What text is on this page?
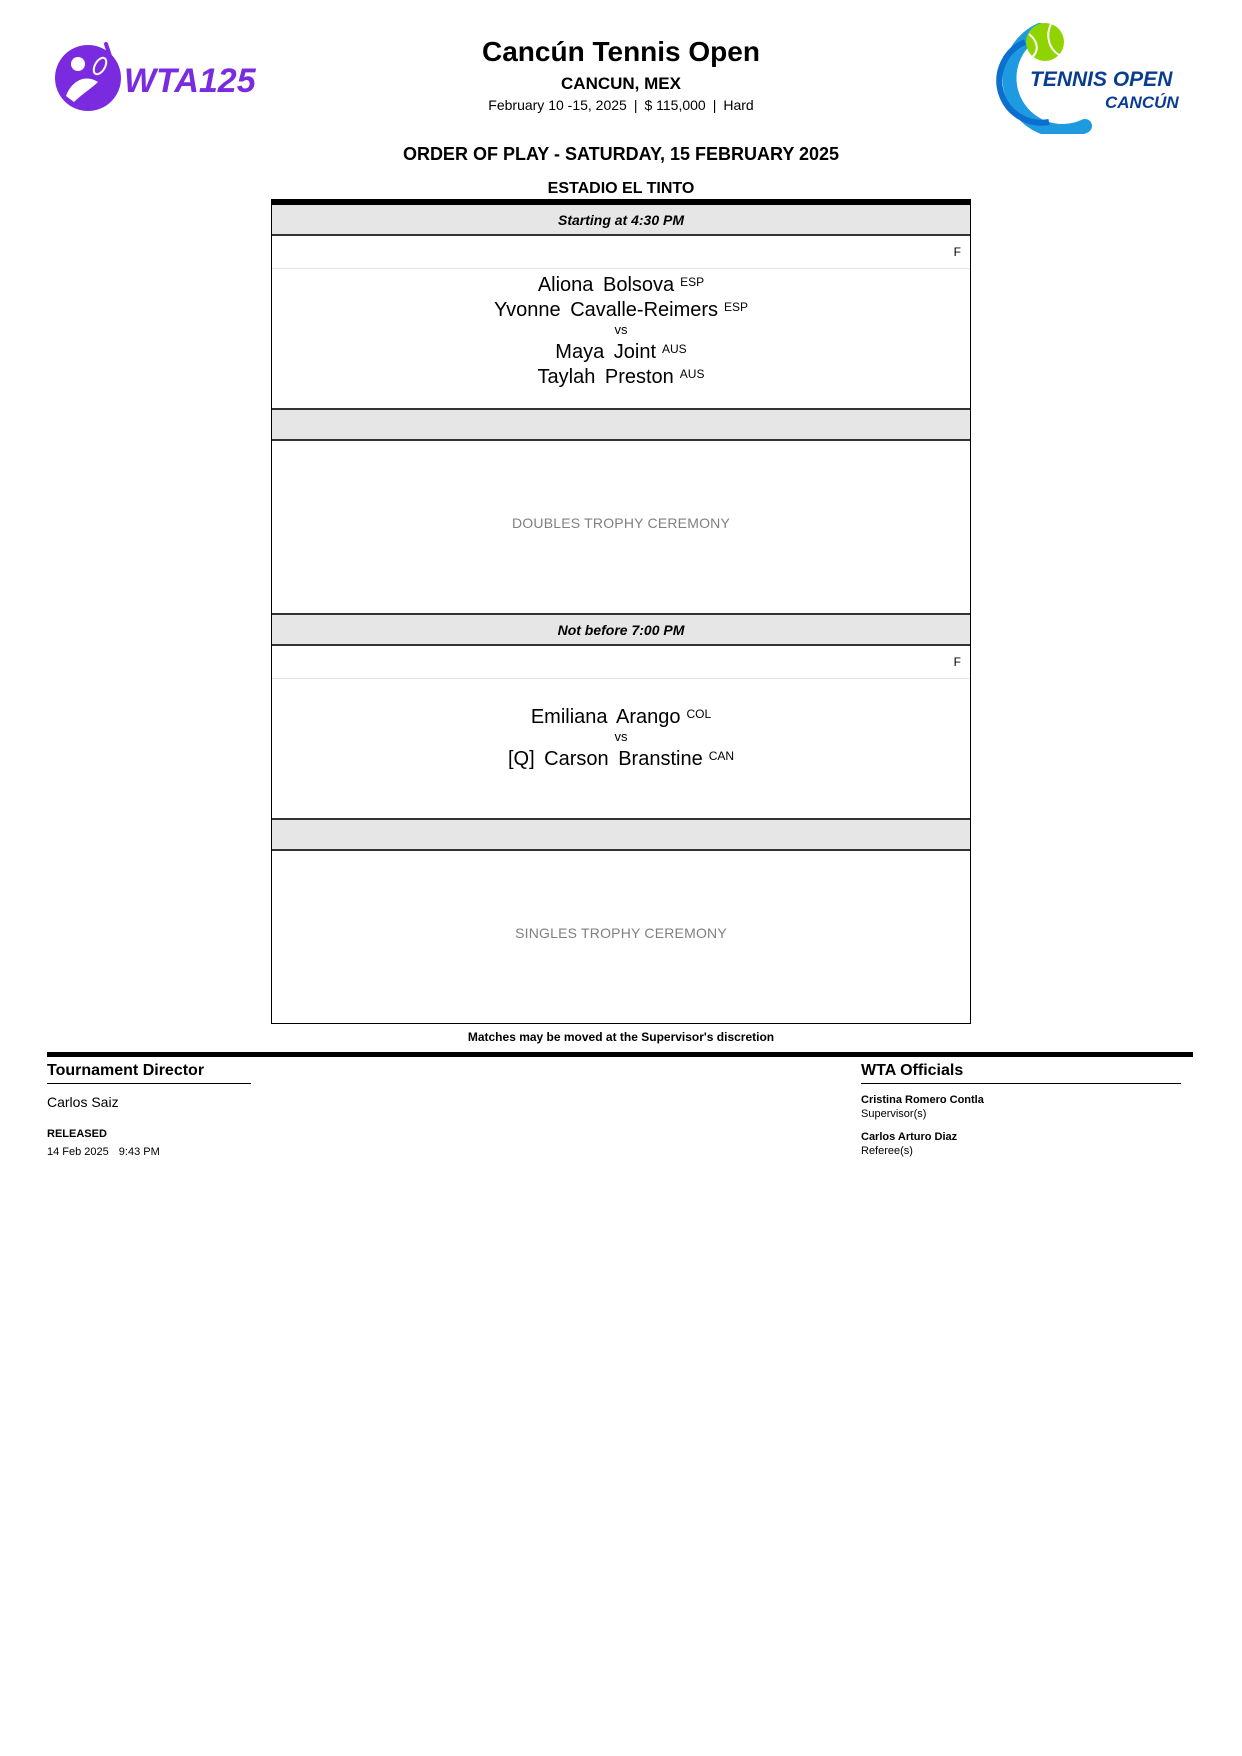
WTA125	TENNIS OPEN
CANCÚN
Cancún Tennis Open
CANCUN, MEX
February 10 -15, 2025 | $ 115,000 | Hard
ORDER OF PLAY - SATURDAY, 15 FEBRUARY 2025
ESTADIO EL TINTO
Starting at 4:30 PM
F
Aliona Bolsova $^{ESP}$
Yvonne Cavalle-Reimers $^{ESP}$
vs
Maya Joint $^{AUS}$
Taylah Preston $^{AUS}$
DOUBLES TROPHY CEREMONY
Not before 7:00 PM
F
Emiliana Arango $^{COL}$
vs
[Q] Carson Branstine $^{CAN}$
SINGLES TROPHY CEREMONY
Matches may be moved at the Supervisor's discretion
Tournament Director
Carlos Saiz
RELEASED
14 Feb 2025 9:43 PM
WTA Officials
Cristina Romero Contla
Supervisor(s)
Carlos Arturo Diaz
Referee(s)
